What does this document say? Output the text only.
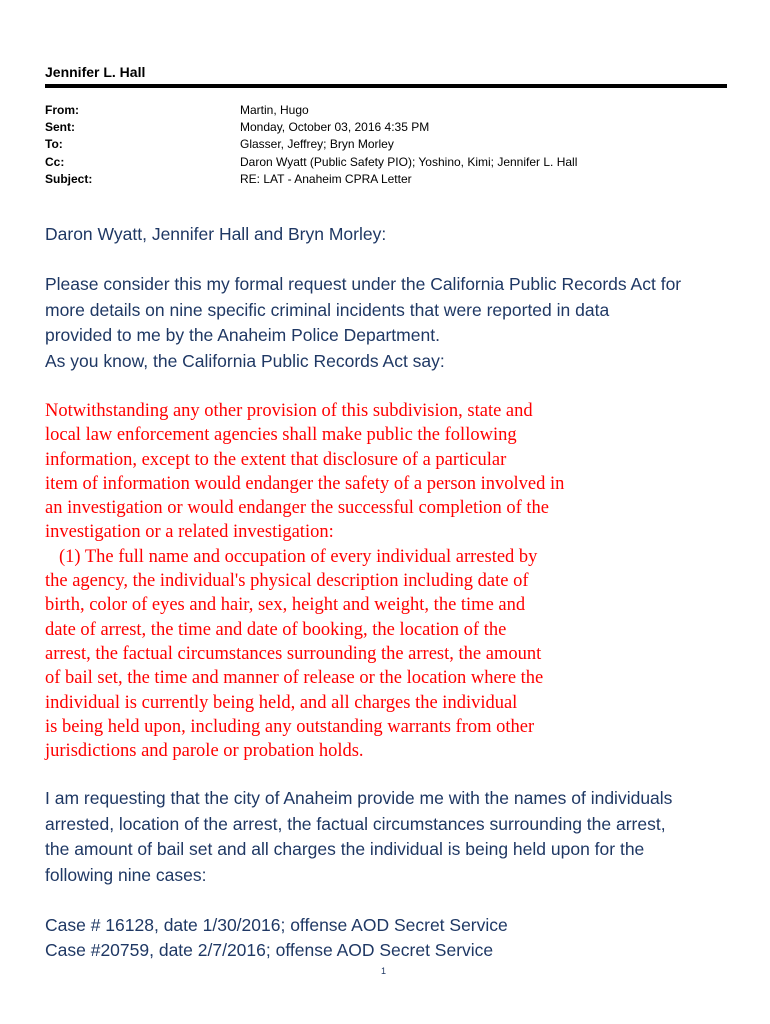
Jennifer L. Hall
From:	Martin, Hugo
Sent:	Monday, October 03, 2016 4:35 PM
To:	Glasser, Jeffrey; Bryn Morley
Cc:	Daron Wyatt (Public Safety PIO); Yoshino, Kimi; Jennifer L. Hall
Subject:	RE: LAT - Anaheim CPRA Letter

Daron Wyatt, Jennifer Hall and Bryn Morley:

Please consider this my formal request under the California Public Records Act for
more details on nine specific criminal incidents that were reported in data
provided to me by the Anaheim Police Department.
As you know, the California Public Records Act say:

Notwithstanding any other provision of this subdivision, state and
local law enforcement agencies shall make public the following
information, except to the extent that disclosure of a particular
item of information would endanger the safety of a person involved in
an investigation or would endanger the successful completion of the
investigation or a related investigation:
(1) The full name and occupation of every individual arrested by
the agency, the individual's physical description including date of
birth, color of eyes and hair, sex, height and weight, the time and
date of arrest, the time and date of booking, the location of the
arrest, the factual circumstances surrounding the arrest, the amount
of bail set, the time and manner of release or the location where the
individual is currently being held, and all charges the individual
is being held upon, including any outstanding warrants from other
jurisdictions and parole or probation holds.

I am requesting that the city of Anaheim provide me with the names of individuals
arrested, location of the arrest, the factual circumstances surrounding the arrest,
the amount of bail set and all charges the individual is being held upon for the
following nine cases:

Case # 16128, date 1/30/2016; offense AOD Secret Service
Case #20759, date 2/7/2016; offense AOD Secret Service
1
